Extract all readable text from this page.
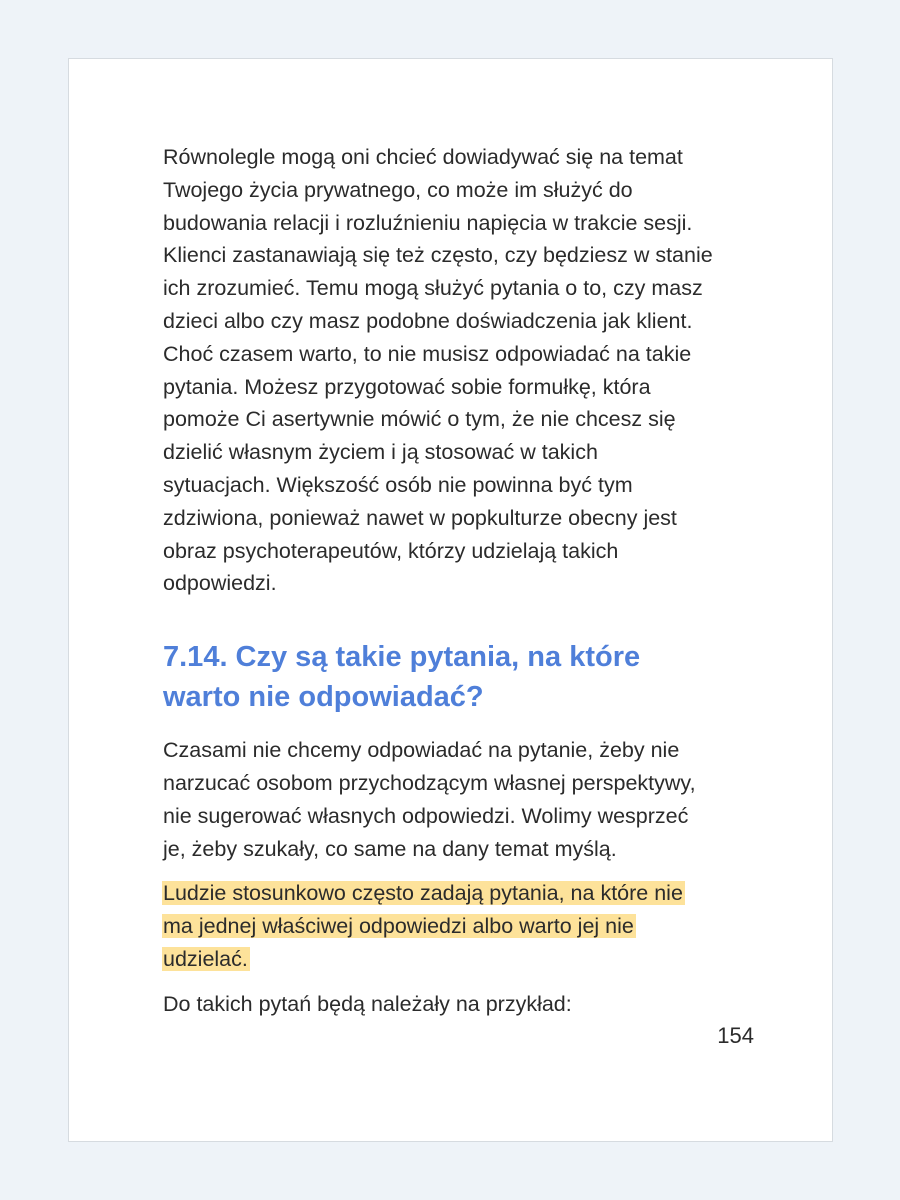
Równolegle mogą oni chcieć dowiadywać się na temat
Twojego życia prywatnego, co może im służyć do
budowania relacji i rozluźnieniu napięcia w trakcie sesji.
Klienci zastanawiają się też często, czy będziesz w stanie
ich zrozumieć. Temu mogą służyć pytania o to, czy masz
dzieci albo czy masz podobne doświadczenia jak klient.
Choć czasem warto, to nie musisz odpowiadać na takie
pytania. Możesz przygotować sobie formułkę, która
pomoże Ci asertywnie mówić o tym, że nie chcesz się
dzielić własnym życiem i ją stosować w takich
sytuacjach. Większość osób nie powinna być tym
zdziwiona, ponieważ nawet w popkulturze obecny jest
obraz psychoterapeutów, którzy udzielają takich
odpowiedzi.

7.14. Czy są takie pytania, na które
warto nie odpowiadać?

Czasami nie chcemy odpowiadać na pytanie, żeby nie
narzucać osobom przychodzącym własnej perspektywy,
nie sugerować własnych odpowiedzi. Wolimy wesprzeć
je, żeby szukały, co same na dany temat myślą.

Ludzie stosunkowo często zadają pytania, na które nie
ma jednej właściwej odpowiedzi albo warto jej nie
udzielać.

Do takich pytań będą należały na przykład:

154
